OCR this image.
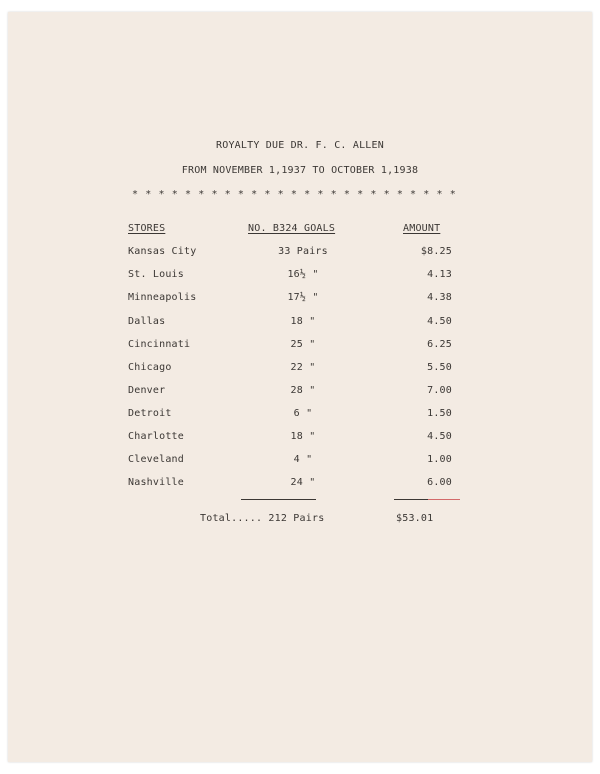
ROYALTY DUE DR. F. C. ALLEN
FROM NOVEMBER 1,1937 TO OCTOBER 1,1938
* * * * * * * * * * * * * * * * * * * * * * * * *
STORES	NO. B324 GOALS	AMOUNT
Kansas City	33 Pairs	$8.25
St. Louis	16½ "	4.13
Minneapolis	17½ "	4.38
Dallas	18 "	4.50
Cincinnati	25 "	6.25
Chicago	22 "	5.50
Denver	28 "	7.00
Detroit	6 "	1.50
Charlotte	18 "	4.50
Cleveland	4 "	1.00
Nashville	24 "	6.00
Total..... 212 Pairs	$53.01
